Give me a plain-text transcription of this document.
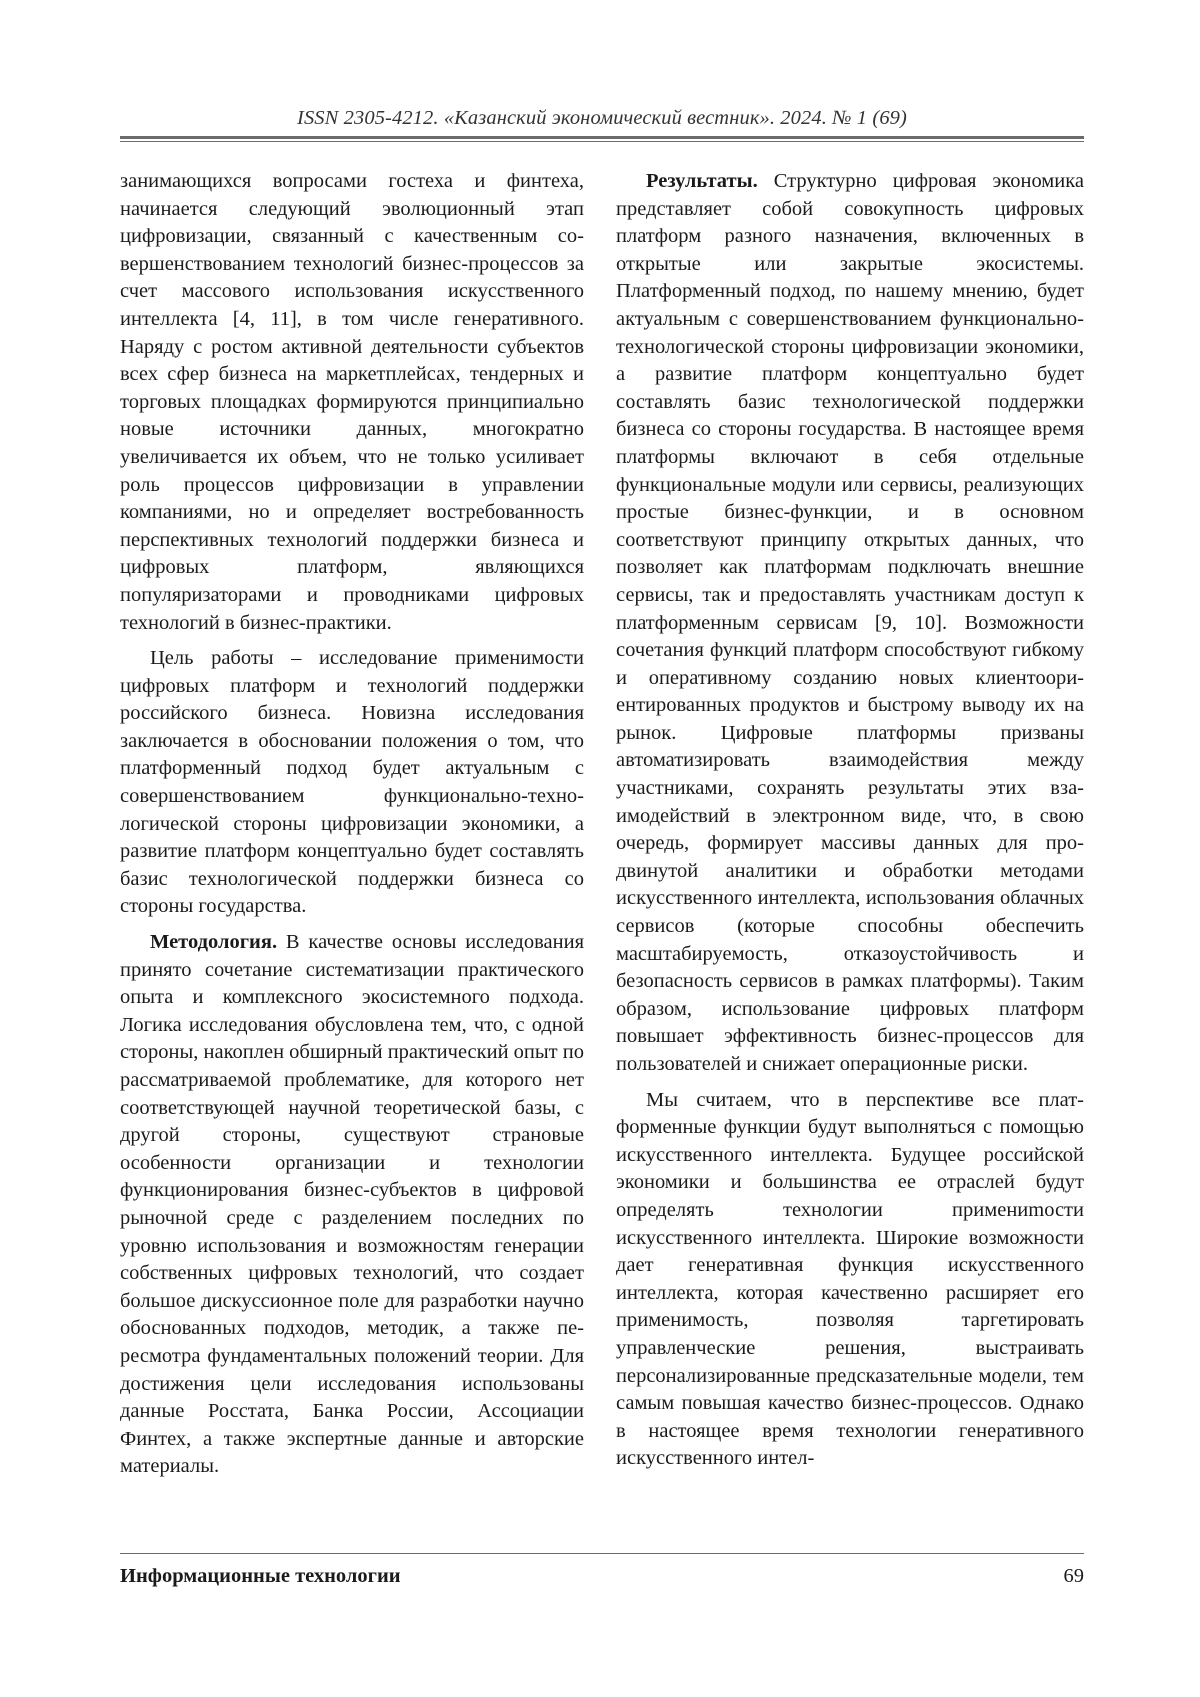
ISSN 2305-4212. «Казанский экономический вестник». 2024. № 1 (69)

занимающихся вопросами гостеха и финтеха, начинается следующий эволюционный этап цифровизации, связанный с качественным совершенствованием технологий бизнес-процессов за счет массового использования искусственного интеллекта [4, 11], в том числе генеративного. Наряду с ростом активной деятельности субъектов всех сфер бизнеса на маркетплейсах, тендерных и торговых площадках формируются принципиально новые источники данных, многократно увеличивается их объем, что не только усиливает роль процессов цифровизации в управлении компаниями, но и определяет востребованность перспективных технологий поддержки бизнеса и цифровых платформ, являющихся популяризаторами и проводниками цифровых технологий в бизнес-практики.

Цель работы – исследование применимости цифровых платформ и технологий поддержки российского бизнеса. Новизна исследования заключается в обосновании положения о том, что платформенный подход будет актуальным с совершенствованием функционально-технологической стороны цифровизации экономики, а развитие платформ концептуально будет составлять базис технологической поддержки бизнеса со стороны государства.

Методология. В качестве основы исследования принято сочетание систематизации практического опыта и комплексного экосистемного подхода. Логика исследования обусловлена тем, что, с одной стороны, накоплен обширный практический опыт по рассматриваемой проблематике, для которого нет соответствующей научной теоретической базы, с другой стороны, существуют страновые особенности организации и технологии функционирования бизнес-субъектов в цифровой рыночной среде с разделением последних по уровню использования и возможностям генерации собственных цифровых технологий, что создает большое дискуссионное поле для разработки научно обоснованных подходов, методик, а также пересмотра фундаментальных положений теории. Для достижения цели исследования использованы данные Росстата, Банка России, Ассоциации Финтех, а также экспертные данные и авторские материалы.

Результаты. Структурно цифровая экономика представляет собой совокупность цифровых платформ разного назначения, включенных в открытые или закрытые экосистемы. Платформенный подход, по нашему мнению, будет актуальным с совершенствованием функционально-технологической стороны цифровизации экономики, а развитие платформ концептуально будет составлять базис технологической поддержки бизнеса со стороны государства. В настоящее время платформы включают в себя отдельные функциональные модули или сервисы, реализующих простые бизнес-функции, и в основном соответствуют принципу открытых данных, что позволяет как платформам подключать внешние сервисы, так и предоставлять участникам доступ к платформенным сервисам [9, 10]. Возможности сочетания функций платформ способствуют гибкому и оперативному созданию новых клиентоориентированных продуктов и быстрому выводу их на рынок. Цифровые платформы призваны автоматизировать взаимодействия между участниками, сохранять результаты этих взаимодействий в электронном виде, что, в свою очередь, формирует массивы данных для продвинутой аналитики и обработки методами искусственного интеллекта, использования облачных сервисов (которые способны обеспечить масштабируемость, отказоустойчивость и безопасность сервисов в рамках платформы). Таким образом, использование цифровых платформ повышает эффективность бизнес-процессов для пользователей и снижает операционные риски.

Мы считаем, что в перспективе все платформенные функции будут выполняться с помощью искусственного интеллекта. Будущее российской экономики и большинства ее отраслей будут определять технологии примениmости искусственного интеллекта. Широкие возможности дает генеративная функция искусственного интеллекта, которая качественно расширяет его применимость, позволяя таргетировать управленческие решения, выстраивать персонализированные предсказательные модели, тем самым повышая качество бизнес-процессов. Однако в настоящее время технологии генеративного искусственного интел-

Информационные технологии	69
